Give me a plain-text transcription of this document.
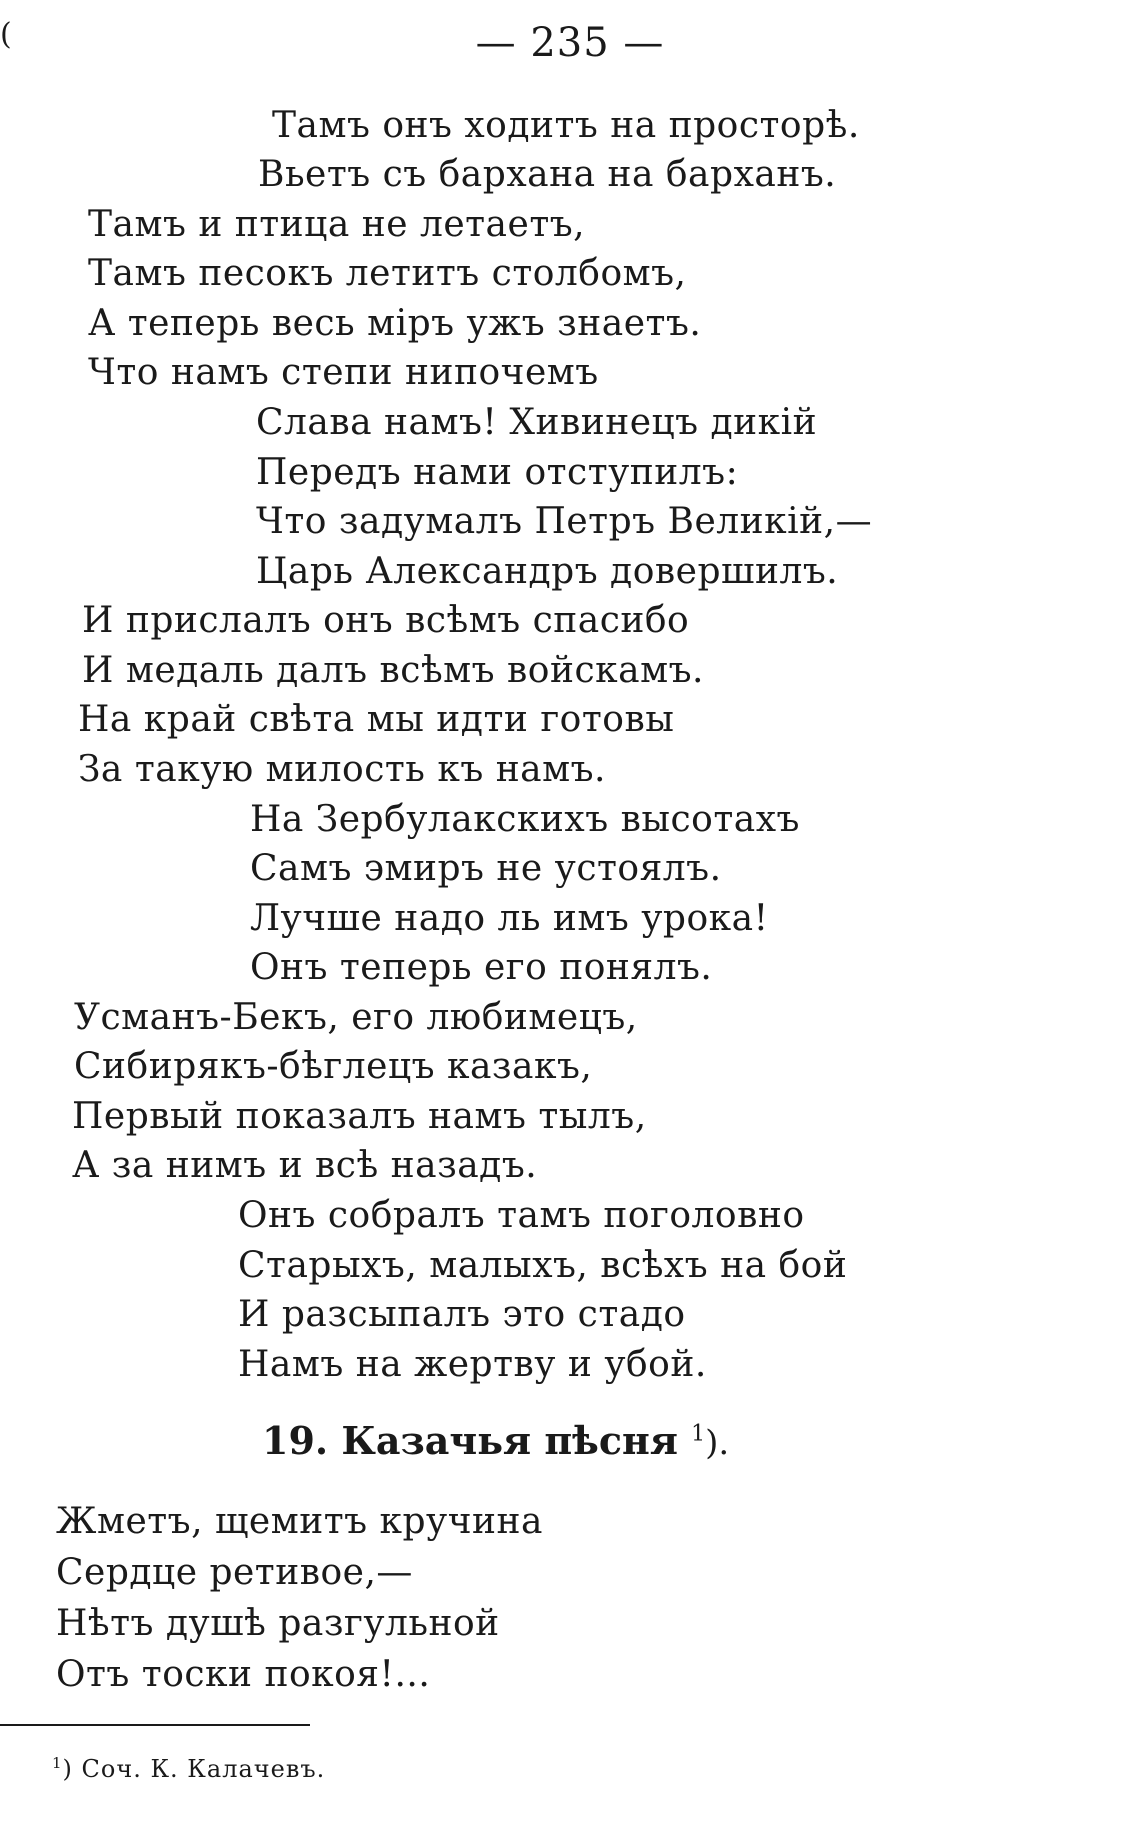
(	— 235 —
Тамъ онъ ходитъ на просторѣ.
Вьетъ съ бархана на барханъ.
Тамъ и птица не летаетъ,
Тамъ песокъ летитъ столбомъ,
А теперь весь міръ ужъ знаетъ.
Что намъ степи нипочемъ
Слава намъ! Хивинецъ дикій
Передъ нами отступилъ:
Что задумалъ Петръ Великій,—
Царь Александръ довершилъ.
И прислалъ онъ всѣмъ спасибо
И медаль далъ всѣмъ войскамъ.
На край свѣта мы идти готовы
За такую милость къ намъ.
На Зербулакскихъ высотахъ
Самъ эмиръ не устоялъ.
Лучше надо ль имъ урока!
Онъ теперь его понялъ.
Усманъ-Бекъ, его любимецъ,
Сибирякъ-бѣглецъ казакъ,
Первый показалъ намъ тылъ,
А за нимъ и всѣ назадъ.
Онъ собралъ тамъ поголовно
Старыхъ, малыхъ, всѣхъ на бой
И разсыпалъ это стадо
Намъ на жертву и убой.
19. Казачья пѣсня $^1$).
Жметъ, щемитъ кручина
Сердце ретивое,—
Нѣтъ душѣ разгульной
Отъ тоски покоя!...
$^1$) Соч. К. Калачевъ.
